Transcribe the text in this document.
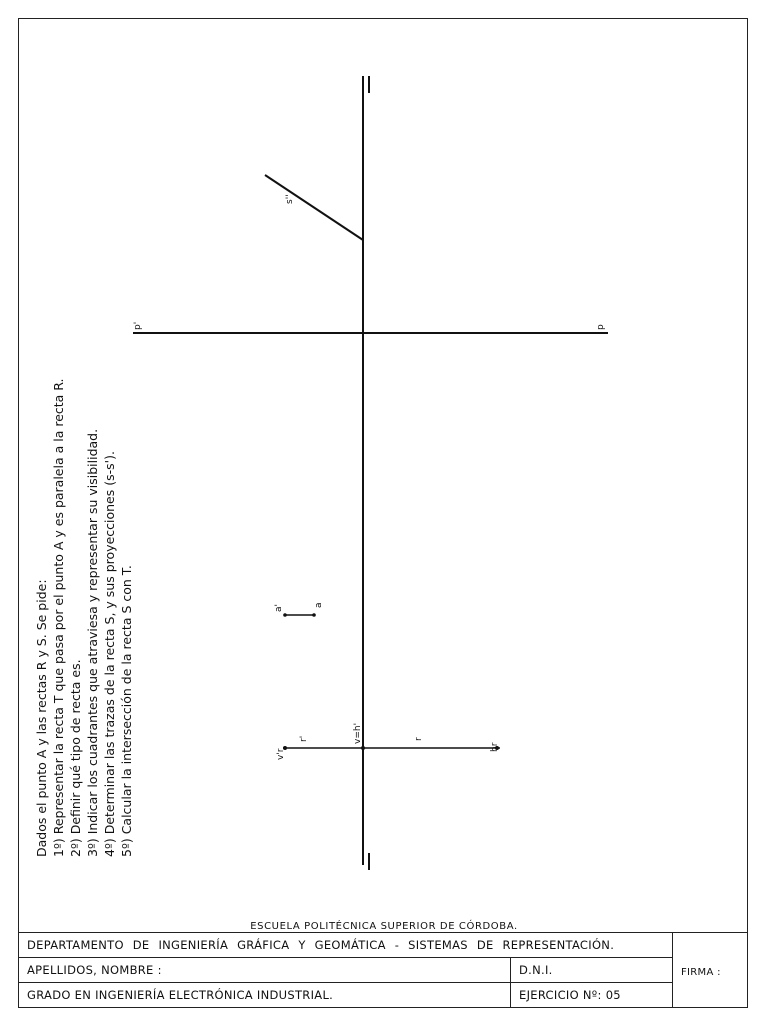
p'	p
s''
a'	a
v'r
r'	v=h'	r
hr
Dados el punto A y las rectas R y S. Se pide: 1º) Representar la recta T que pasa por el punto A y es paralela a la recta R. 2º) Definir qué tipo de recta es. 3º) Indicar los cuadrantes que atraviesa y representar su visibilidad. 4º) Determinar las trazas de la recta S, y sus proyecciones (s-s'). 5º) Calcular la intersección de la recta S con T.
ESCUELA POLITÉCNICA SUPERIOR DE CÓRDOBA.
DEPARTAMENTO DE INGENIERÍA GRÁFICA Y GEOMÁTICA - SISTEMAS DE REPRESENTACIÓN.
APELLIDOS, NOMBRE :	D.N.I.
GRADO EN INGENIERÍA ELECTRÓNICA INDUSTRIAL.	EJERCICIO Nº: 05
FIRMA :
